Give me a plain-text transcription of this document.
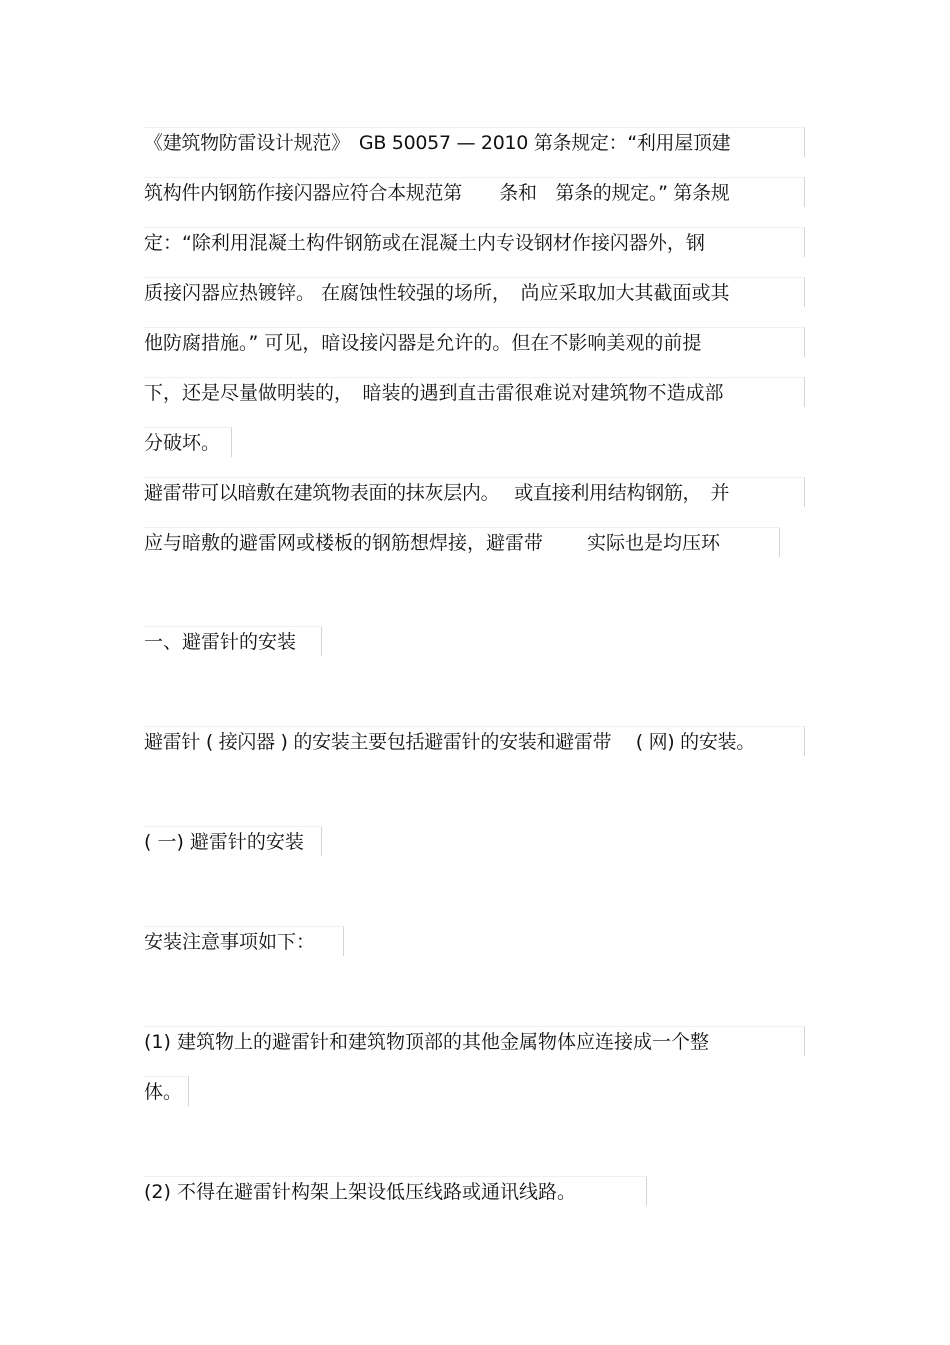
《建筑物防雷设计规范》　GB 50057 — 2010 第条规定：“利用屋顶建
筑构件内钢筋作接闪器应符合本规范第　　条和　第条的规定。” 第条规
定：“除利用混凝土构件钢筋或在混凝土内专设钢材作接闪器外，钢
质接闪器应热镀锌。 在腐蚀性较强的场所，　尚应采取加大其截面或其
他防腐措施。” 可见，暗设接闪器是允许的。但在不影响美观的前提
下，还是尽量做明装的，　暗装的遇到直击雷很难说对建筑物不造成部
分破坏。
避雷带可以暗敷在建筑物表面的抹灰层内。　 或直接利用结构钢筋，　并
应与暗敷的避雷网或楼板的钢筋想焊接，避雷带　　 实际也是均压环
一、避雷针的安装
避雷针 ( 接闪器 ) 的安装主要包括避雷针的安装和避雷带　 ( 网) 的安装。
( 一) 避雷针的安装
安装注意事项如下：
(1) 建筑物上的避雷针和建筑物顶部的其他金属物体应连接成一个整
体。
(2) 不得在避雷针构架上架设低压线路或通讯线路。
